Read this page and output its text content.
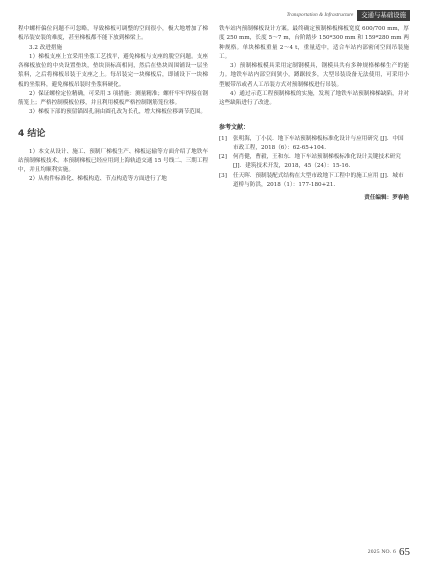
Transportation & Infrastructure	交通与基础设施

程中螺杆偏位问题不可忽略，导致梯板可调整的空间很小，极大地增加了梯板吊装安装的难度，甚至梯板都不能下放到梯梁上。

3.2 改进措施

1）梯板支座上宜采用坐浆工艺找平，避免梯板与支座的脱空问题。支座各梯板放位的中央设置垫块，垫块顶标高相同，然后在垫块周围铺设一层坐浆料，之后将梯板吊装于支座之上。每吊装完一块梯板后，即铺设下一块梯板的坐浆料，避免梯板吊装时坐浆料硬化。

2）保证螺栓定位精确，可采用 3 项措施：测量精准；螺杆牢牢焊接在钢筋笼上；严格控制模板位移，并且利用模板严格控制钢筋笼位移。

3）梯板下部的预留锚固孔洞由圆孔改为长孔，增大梯板位移调节范围。

4 结论

1）本文从设计、施工、预制厂梯板生产、梯板运输等方面介绍了地铁车站预制梯板技术。本预制梯板已经应用到上海轨道交通 15 号线二、三期工程中，并且均顺利实施。

2）从构件标准化、梯板构造、节点构造等方面进行了地

铁车站内预制梯板设计方案。最终确定预制梯板梯板宽度 600/700 mm，厚度 250 mm，长度 5～7 m，台阶踏步 150*300 mm 和 159*280 mm 两种规格。单块梯板重量 2～4 t，重量适中，适合车站内部密闭空间吊装施工。

3）预制梯板模具采用定制钢模具，钢模具共有多种规格梯梯生产的能力。地铁车站内部空间狭小，蹲踞较多，大型吊装设备无法使用，可采用小型履带吊或者人工吊装方式对预制梯板进行吊装。

4）通过示范工程预制梯板的实施，发现了地铁车站预制梯梯缺陷，并对这些缺陷进行了改进。

参考文献：
[1]	张明海，丁小民．地下车站预制梯板标准化设计与应用研究 [J]．中国市政工程，2018（6）：62-65+104.
[2]	何肖健，曹毅，王和东．地下车站预制梯板标准化设计关键技术研究 [J]．建筑技术开发，2018，45（24）：15-16.
[3]	任天晖．预制装配式结构在大型市政地下工程中的施工应用 [J]．城市道桥与防洪，2018（1）：177-180+21.
责任编辑：罗春艳
2025 NO. 6 65
